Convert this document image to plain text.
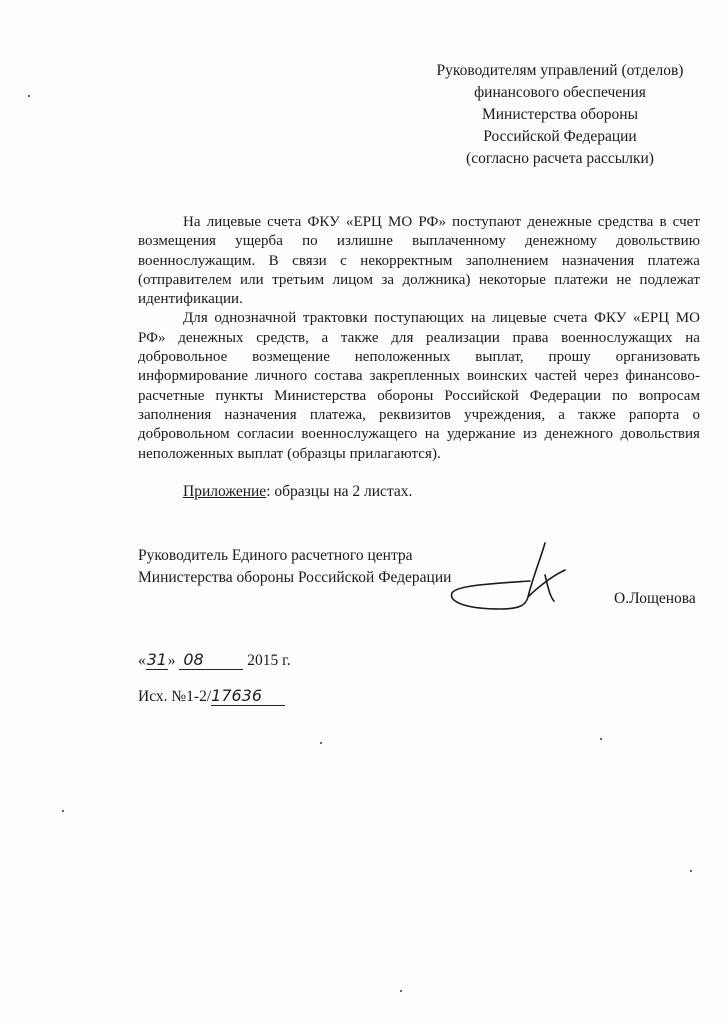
Руководителям управлений (отделов)
финансового обеспечения
Министерства обороны
Российской Федерации
(согласно расчета рассылки)

На лицевые счета ФКУ «ЕРЦ МО РФ» поступают денежные средства в счет возмещения ущерба по излишне выплаченному денежному довольствию военнослужащим. В связи с некорректным заполнением назначения платежа (отправителем или третьим лицом за должника) некоторые платежи не подлежат идентификации.

Для однозначной трактовки поступающих на лицевые счета ФКУ «ЕРЦ МО РФ» денежных средств, а также для реализации права военнослужащих на добровольное возмещение неположенных выплат, прошу организовать информирование личного состава закрепленных воинских частей через финансово-расчетные пункты Министерства обороны Российской Федерации по вопросам заполнения назначения платежа, реквизитов учреждения, а также рапорта о добровольном согласии военнослужащего на удержание из денежного довольствия неположенных выплат (образцы прилагаются).

Приложение: образцы на 2 листах.
Руководитель Единого расчетного центра
Министерства обороны Российской Федерации
О.Лощенова
«31» 08	2015 г.
Исх. №1-2/17636
